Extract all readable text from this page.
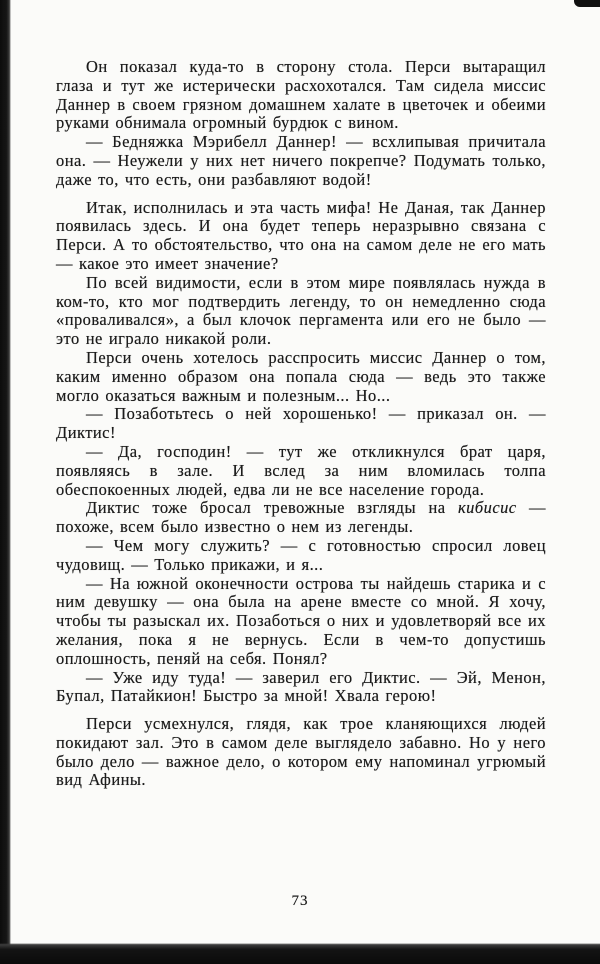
Он показал куда-то в сторону стола. Перси вытаращил глаза и тут же истерически расхохотался. Там сидела миссис Даннер в своем грязном домашнем халате в цветочек и обеими руками обнимала огромный бурдюк с вином.

— Бедняжка Мэрибелл Даннер! — всхлипывая причитала она. — Неужели у них нет ничего покрепче? Подумать только, даже то, что есть, они разбавляют водой!

Итак, исполнилась и эта часть мифа! Не Даная, так Даннер появилась здесь. И она будет теперь неразрывно связана с Перси. А то обстоятельство, что она на самом деле не его мать — какое это имеет значение?

По всей видимости, если в этом мире появлялась нужда в ком-то, кто мог подтвердить легенду, то он немедленно сюда «проваливался», а был клочок пергамента или его не было — это не играло никакой роли.

Перси очень хотелось расспросить миссис Даннер о том, каким именно образом она попала сюда — ведь это также могло оказаться важным и полезным... Но...

— Позаботьтесь о ней хорошенько! — приказал он. — Диктис!

— Да, господин! — тут же откликнулся брат царя, появляясь в зале. И вслед за ним вломилась толпа обеспокоенных людей, едва ли не все население города.

Диктис тоже бросал тревожные взгляды на кибисис — похоже, всем было известно о нем из легенды.

— Чем могу служить? — с готовностью спросил ловец чудовищ. — Только прикажи, и я...

— На южной оконечности острова ты найдешь старика и с ним девушку — она была на арене вместе со мной. Я хочу, чтобы ты разыскал их. Позаботься о них и удовлетворяй все их желания, пока я не вернусь. Если в чем-то допустишь оплошность, пеняй на себя. Понял?

— Уже иду туда! — заверил его Диктис. — Эй, Менон, Бупал, Патайкион! Быстро за мной! Хвала герою!

Перси усмехнулся, глядя, как трое кланяющихся людей покидают зал. Это в самом деле выглядело забавно. Но у него было дело — важное дело, о котором ему напоминал угрюмый вид Афины.

73
